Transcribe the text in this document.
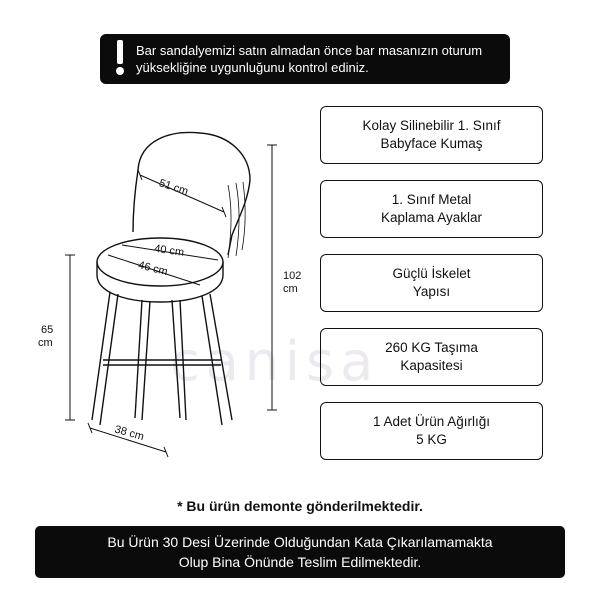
canisa
Bar sandalyemizi satın almadan önce bar masanızın oturum yüksekliğine uygunluğunu kontrol ediniz.
51 cm
40 cm
46 cm	102
cm
65
cm
38 cm
Kolay Silinebilir 1. Sınıf
Babyface Kumaş
1. Sınıf Metal
Kaplama Ayaklar
Güçlü İskelet
Yapısı
260 KG Taşıma
Kapasitesi
1 Adet Ürün Ağırlığı
5 KG
* Bu ürün demonte gönderilmektedir.
Bu Ürün 30 Desi Üzerinde Olduğundan Kata Çıkarılamamakta
Olup Bina Önünde Teslim Edilmektedir.
